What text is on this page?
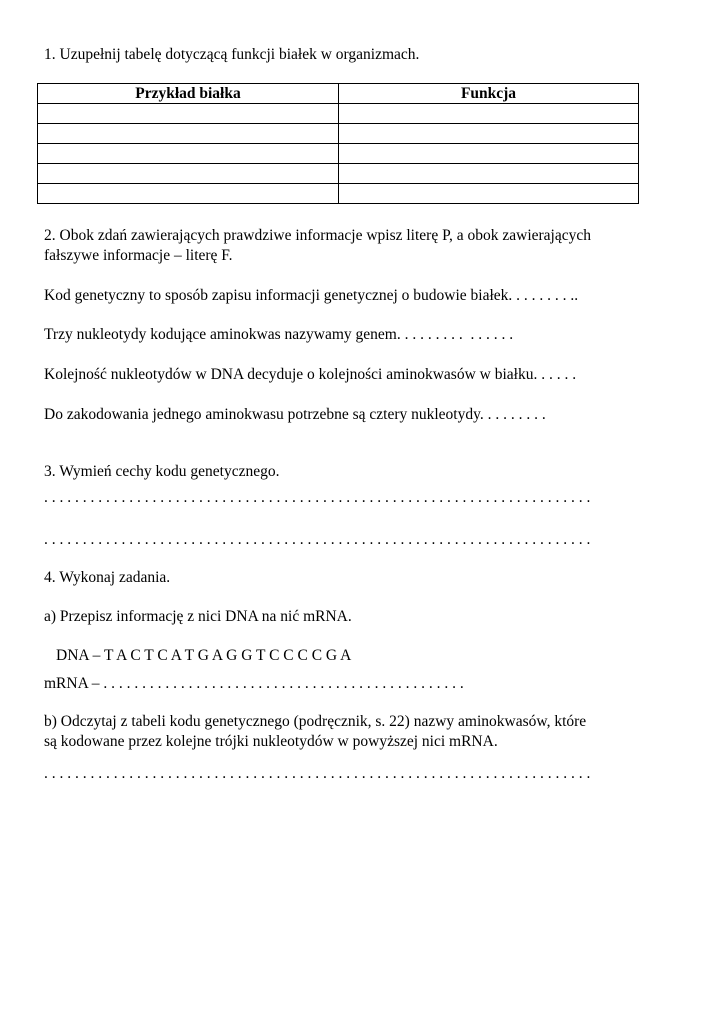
1. Uzupełnij tabelę dotyczącą funkcji białek w organizmach.
Przykład białka	Funkcja

2. Obok zdań zawierających prawdziwe informacje wpisz literę P, a obok zawierających
fałszywe informacje – literę F.
Kod genetyczny to sposób zapisu informacji genetycznej o budowie białek. . . . . . . . ..
Trzy nukleotydy kodujące aminokwas nazywamy genem. . . . . . . . .  . . . . . .
Kolejność nukleotydów w DNA decyduje o kolejności aminokwasów w białku. . . . . .
Do zakodowania jednego aminokwasu potrzebne są cztery nukleotydy. . . . . . . . .
3. Wymień cechy kodu genetycznego.
. . . . . . . . . . . . . . . . . . . . . . . . . . . . . . . . . . . . . . . . . . . . . . . . . . . . . . . . . . . . . . . . . . . . . . .
. . . . . . . . . . . . . . . . . . . . . . . . . . . . . . . . . . . . . . . . . . . . . . . . . . . . . . . . . . . . . . . . . . . . . . .
4. Wykonaj zadania.
a) Przepisz informację z nici DNA na nić mRNA.
DNA – T A C T C A T G A G G T C C C C G A
mRNA – . . . . . . . . . . . . . . . . . . . . . . . . . . . . . . . . . . . . . . . . . . . . . . .
b) Odczytaj z tabeli kodu genetycznego (podręcznik, s. 22) nazwy aminokwasów, które
są kodowane przez kolejne trójki nukleotydów w powyższej nici mRNA.
. . . . . . . . . . . . . . . . . . . . . . . . . . . . . . . . . . . . . . . . . . . . . . . . . . . . . . . . . . . . . . . . . . . . . . .
